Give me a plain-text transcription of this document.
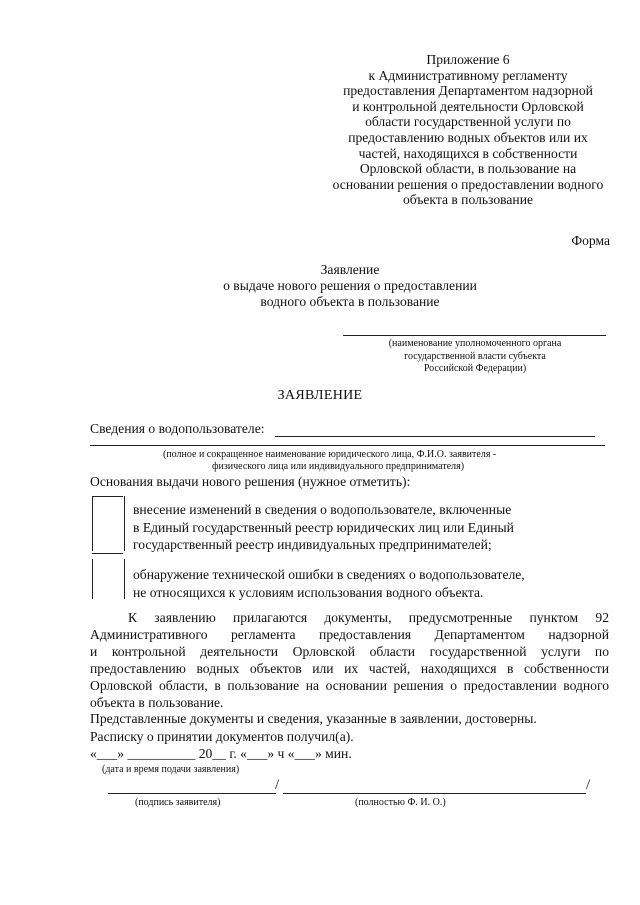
Приложение 6
к Административному регламенту
предоставления Департаментом надзорной
и контрольной деятельности Орловской
области государственной услуги по
предоставлению водных объектов или их
частей, находящихся в собственности
Орловской области, в пользование на
основании решения о предоставлении водного
объекта в пользование
Форма
Заявление
о выдаче нового решения о предоставлении
водного объекта в пользование
(наименование уполномоченного органа
государственной власти субъекта
Российской Федерации)
ЗАЯВЛЕНИЕ
Сведения о водопользователе:
(полное и сокращенное наименование юридического лица, Ф.И.О. заявителя -
физического лица или индивидуального предпринимателя)
Основания выдачи нового решения (нужное отметить):
внесение изменений в сведения о водопользователе, включенные
в Единый государственный реестр юридических лиц или Единый
государственный реестр индивидуальных предпринимателей;
обнаружение технической ошибки в сведениях о водопользователе,
не относящихся к условиям использования водного объекта.
К заявлению прилагаются документы, предусмотренные пунктом 92
Административного регламента предоставления Департаментом надзорной
и контрольной деятельности Орловской области государственной услуги по
предоставлению водных объектов или их частей, находящихся в собственности
Орловской области, в пользование на основании решения о предоставлении водного
объекта в пользование.
Представленные документы и сведения, указанные в заявлении, достоверны.
Расписку о принятии документов получил(а).
«___» __________ 20__ г. «___» ч «___» мин.
(дата и время подачи заявления)
/	/
(подпись заявителя)	(полностью Ф. И. О.)
